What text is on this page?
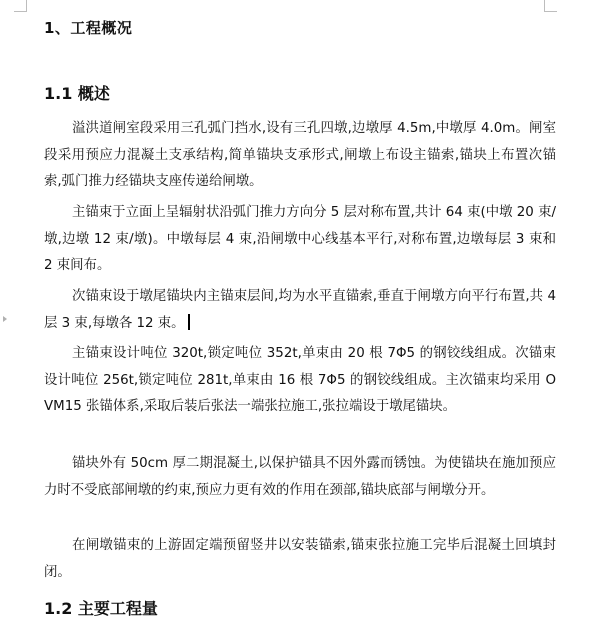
1、工程概况
1.1 概述

溢洪道闸室段采用三孔弧门挡水,设有三孔四墩,边墩厚 4.5m,中墩厚 4.0m。闸室段采用预应力混凝土支承结构,简单锚块支承形式,闸墩上布设主锚索,锚块上布置次锚索,弧门推力经锚块支座传递给闸墩。

主锚束于立面上呈辐射状沿弧门推力方向分 5 层对称布置,共计 64 束(中墩 20 束/墩,边墩 12 束/墩)。中墩每层 4 束,沿闸墩中心线基本平行,对称布置,边墩每层 3 束和 2 束间布。

次锚束设于墩尾锚块内主锚束层间,均为水平直锚索,垂直于闸墩方向平行布置,共 4 层 3 束,每墩各 12 束。

主锚束设计吨位 320t,锁定吨位 352t,单束由 20 根 7Φ5 的钢铰线组成。次锚束设计吨位 256t,锁定吨位 281t,单束由 16 根 7Φ5 的钢铰线组成。主次锚束均采用 OVM15 张锚体系,采取后装后张法一端张拉施工,张拉端设于墩尾锚块。

锚块外有 50cm 厚二期混凝土,以保护锚具不因外露而锈蚀。为使锚块在施加预应力时不受底部闸墩的约束,预应力更有效的作用在颈部,锚块底部与闸墩分开。

在闸墩锚束的上游固定端预留竖井以安装锚索,锚束张拉施工完毕后混凝土回填封闭。

1.2 主要工程量
